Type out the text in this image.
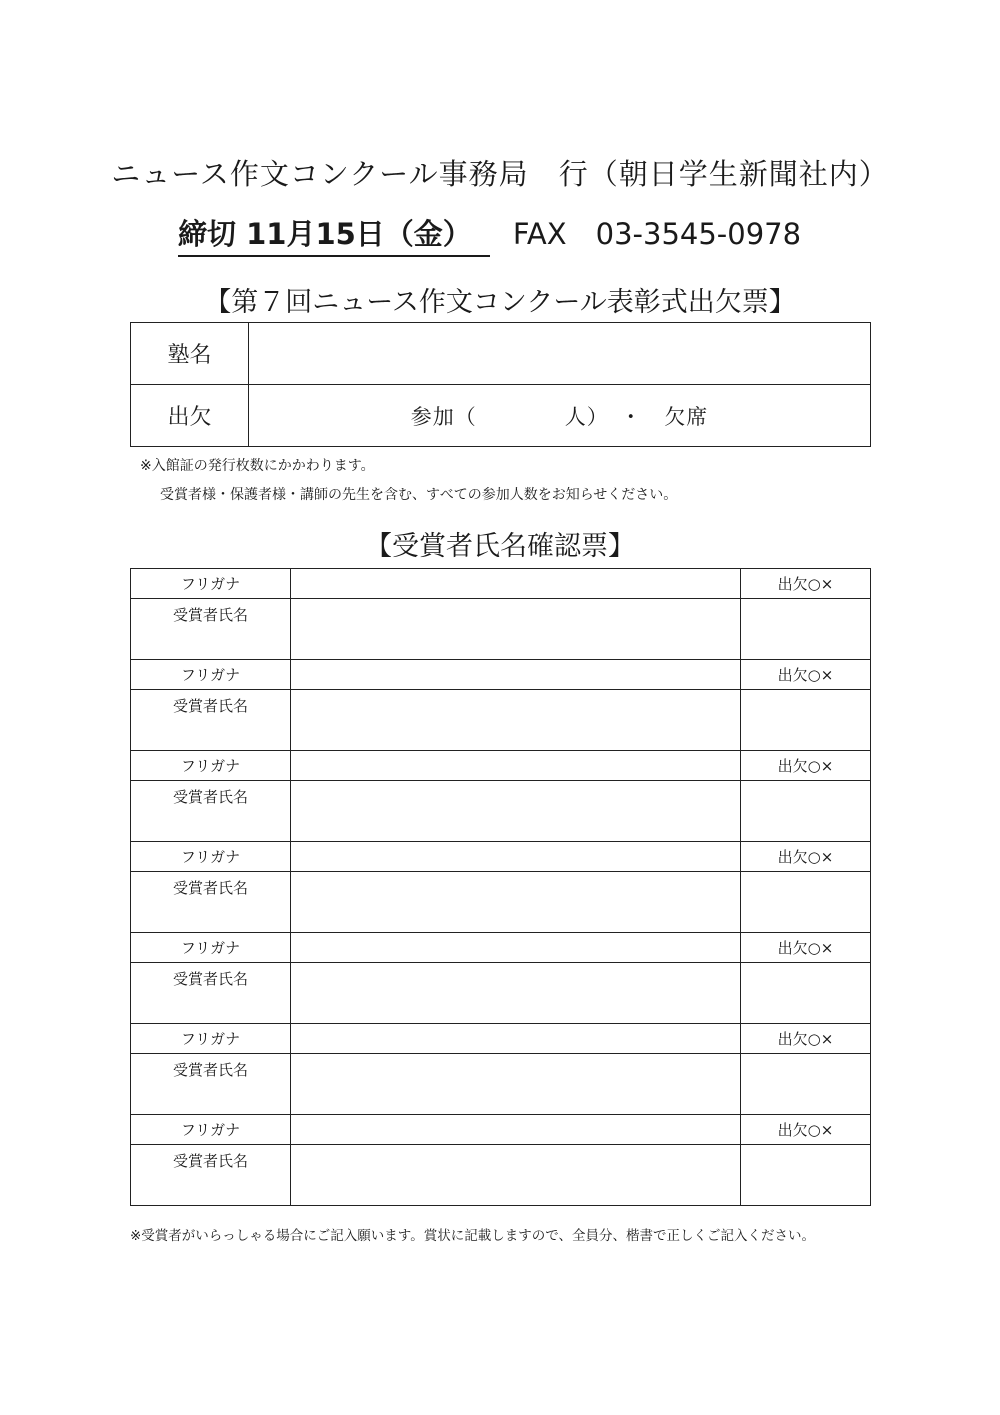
ニュース作文コンクール事務局　行（朝日学生新聞社内）
締切 11月15日（金） FAX　03-3545-0978
【第７回ニュース作文コンクール表彰式出欠票】
塾名	
出欠	参加（　　　　人）　・　欠席
※入館証の発行枚数にかかわります。
受賞者様・保護者様・講師の先生を含む、すべての参加人数をお知らせください。
【受賞者氏名確認票】
フリガナ		出欠○×
受賞者氏名		
フリガナ		出欠○×
受賞者氏名		
フリガナ		出欠○×
受賞者氏名		
フリガナ		出欠○×
受賞者氏名		
フリガナ		出欠○×
受賞者氏名		
フリガナ		出欠○×
受賞者氏名		
フリガナ		出欠○×
受賞者氏名		
※受賞者がいらっしゃる場合にご記入願います。賞状に記載しますので、全員分、楷書で正しくご記入ください。
